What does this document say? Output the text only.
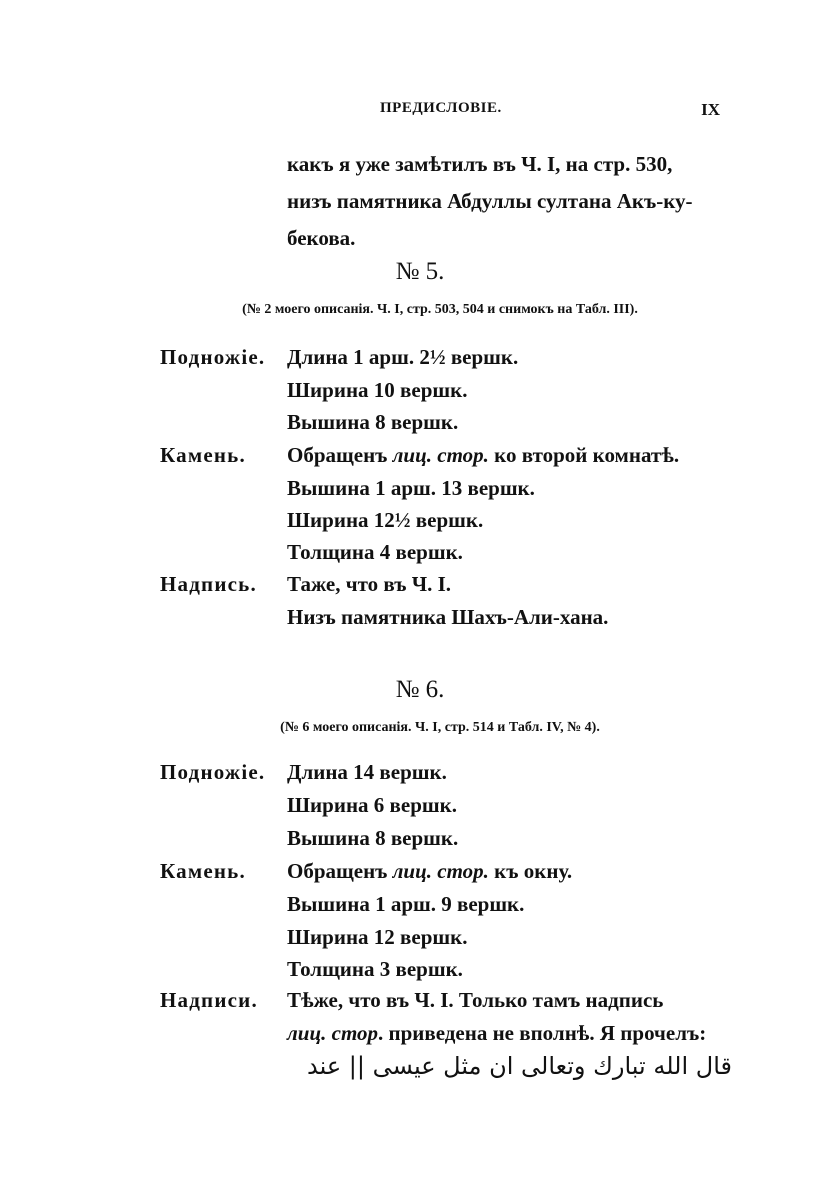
ПРЕДИСЛОВІЕ.	IX
какъ я уже замѣтилъ въ Ч. I, на стр. 530,
низъ памятника Абдуллы султана Акъ-ку-
бекова.
№ 5.
(№ 2 моего описанія. Ч. I, стр. 503, 504 и снимокъ на Табл. III).
Подножіе. Длина 1 арш. 2½ вершк.
Ширина 10 вершк.
Вышина 8 вершк.
Камень. Обращенъ лиц. стор. ко второй комнатѣ.
Вышина 1 арш. 13 вершк.
Ширина 12½ вершк.
Толщина 4 вершк.
Надпись. Таже, что въ Ч. I.
Низъ памятника Шахъ-Али-хана.
№ 6.
(№ 6 моего описанія. Ч. I, стр. 514 и Табл. IV, № 4).
Подножіе. Длина 14 вершк.
Ширина 6 вершк.
Вышина 8 вершк.
Камень. Обращенъ лиц. стор. къ окну.
Вышина 1 арш. 9 вершк.
Ширина 12 вершк.
Толщина 3 вершк.
Надписи. Тѣже, что въ Ч. I. Только тамъ надпись
лиц. стор. приведена не вполнѣ. Я прочелъ:
قال الله تبارك وتعالى ان مثل عيسى || عند
